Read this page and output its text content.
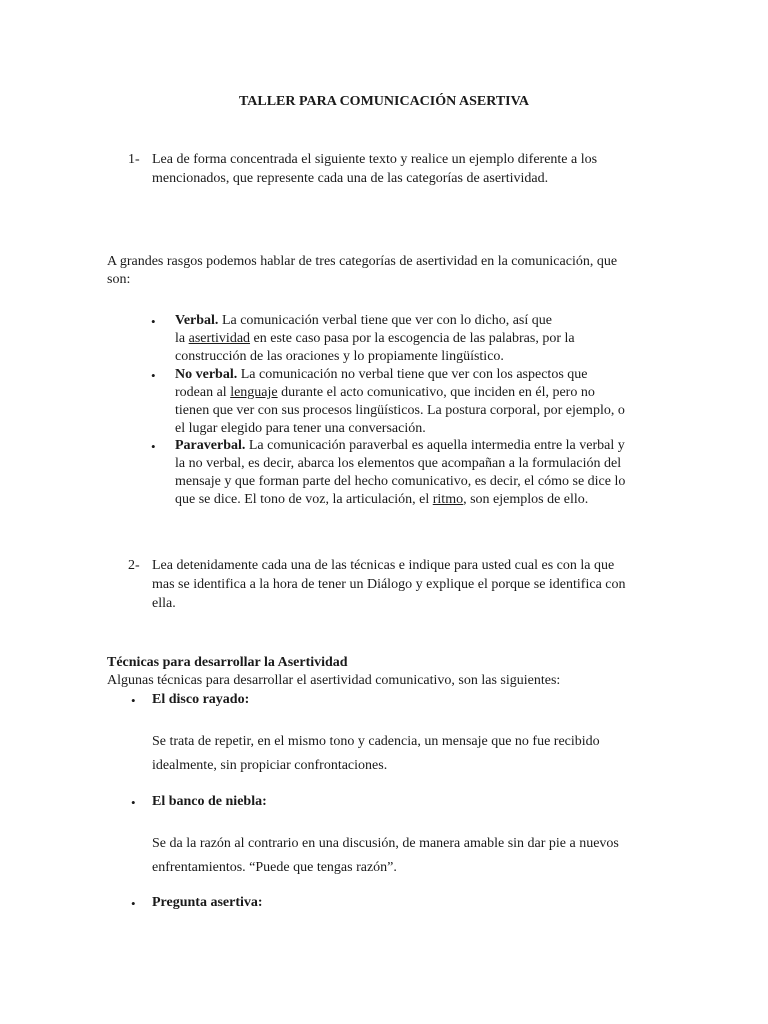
TALLER PARA COMUNICACIÓN ASERTIVA
1- Lea de forma concentrada el siguiente texto y realice un ejemplo diferente a los
mencionados, que represente cada una de las categorías de asertividad.
A grandes rasgos podemos hablar de tres categorías de asertividad en la comunicación, que
son:
• Verbal. La comunicación verbal tiene que ver con lo dicho, así que
la asertividad en este caso pasa por la escogencia de las palabras, por la
construcción de las oraciones y lo propiamente lingüístico.
• No verbal. La comunicación no verbal tiene que ver con los aspectos que
rodean al lenguaje durante el acto comunicativo, que inciden en él, pero no
tienen que ver con sus procesos lingüísticos. La postura corporal, por ejemplo, o
el lugar elegido para tener una conversación.
• Paraverbal. La comunicación paraverbal es aquella intermedia entre la verbal y
la no verbal, es decir, abarca los elementos que acompañan a la formulación del
mensaje y que forman parte del hecho comunicativo, es decir, el cómo se dice lo
que se dice. El tono de voz, la articulación, el ritmo, son ejemplos de ello.
2- Lea detenidamente cada una de las técnicas e indique para usted cual es con la que
mas se identifica a la hora de tener un Diálogo y explique el porque se identifica con
ella.
Técnicas para desarrollar la Asertividad
Algunas técnicas para desarrollar el asertividad comunicativo, son las siguientes:
• El disco rayado:
Se trata de repetir, en el mismo tono y cadencia, un mensaje que no fue recibido
idealmente, sin propiciar confrontaciones.
• El banco de niebla:
Se da la razón al contrario en una discusión, de manera amable sin dar pie a nuevos
enfrentamientos. “Puede que tengas razón”.
• Pregunta asertiva:
